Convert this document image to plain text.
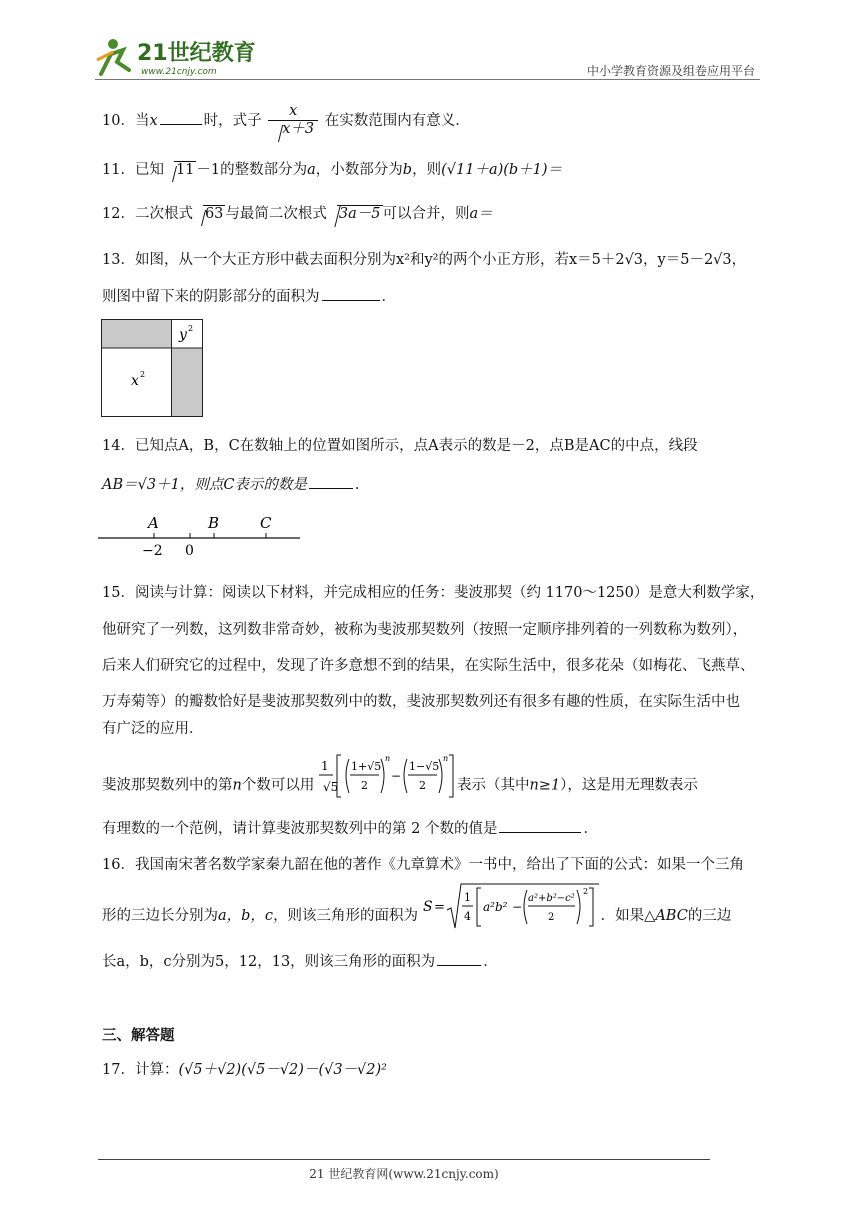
21世纪教育
www.21cnjy.com	中小学教育资源及组卷应用平台
10．当x	时，式子 $\frac{x}{x+3}$ 在实数范围内有意义．
11．已知 11 －1的整数部分为a，小数部分为b，则(√11＋a)(b＋1)＝
12．二次根式 63 与最简二次根式 3a－5 可以合并，则a＝
13．如图，从一个大正方形中截去面积分别为x²和y²的两个小正方形，若x＝5＋2√3，y＝5－2√3，
则图中留下来的阴影部分的面积为	．
x 2
y 2
14．已知点A，B，C在数轴上的位置如图所示，点A表示的数是－2，点B是AC的中点，线段
AB＝√3＋1，则点C表示的数是	．
A	B	C
−2 0
15．阅读与计算：阅读以下材料，并完成相应的任务：斐波那契（约 1170～1250）是意大利数学家，
他研究了一列数，这列数非常奇妙，被称为斐波那契数列（按照一定顺序排列着的一列数称为数列），
后来人们研究它的过程中，发现了许多意想不到的结果，在实际生活中，很多花朵（如梅花、飞燕草、
万寿菊等）的瓣数恰好是斐波那契数列中的数，斐波那契数列还有很多有趣的性质，在实际生活中也
有广泛的应用．
斐波那契数列中的第n个数可以用
1
√5
1+√5
2
n
−
1−√5
2
n
表示（其中n≥1），这是用无理数表示
有理数的一个范例，请计算斐波那契数列中的第 2 个数的值是	．
16．我国南宋著名数学家秦九韶在他的著作《九章算术》一书中，给出了下面的公式：如果一个三角
形的三边长分别为a，b，c，则该三角形的面积为
S =
1
4
a²b² −
a²+b²−c²
2
2
．如果△ABC的三边
长a，b，c分别为5，12，13，则该三角形的面积为	．
三、解答题
17．计算：(√5＋√2)(√5－√2)－(√3－√2)²
21 世纪教育网(www.21cnjy.com)
